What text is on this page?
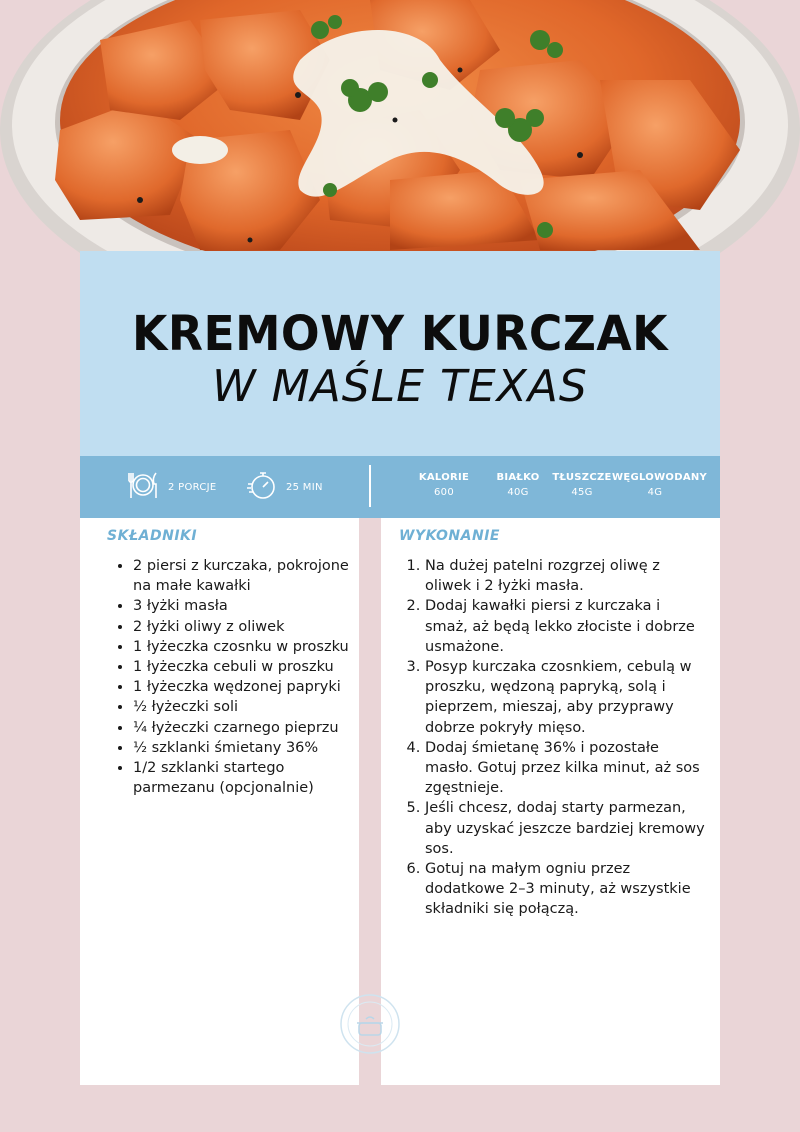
KREMOWY KURCZAK
W MAŚLE TEXAS
2 PORCJE	25 MIN
KALORIE
600
BIAŁKO
40G
TŁUSZCZE
45G
WĘGLOWODANY
4G
SKŁADNIKI
• 2 piersi z kurczaka, pokrojone na małe kawałki
• 3 łyżki masła
• 2 łyżki oliwy z oliwek
• 1 łyżeczka czosnku w proszku
• 1 łyżeczka cebuli w proszku
• 1 łyżeczka wędzonej papryki
• ½ łyżeczki soli
• ¼ łyżeczki czarnego pieprzu
• ½ szklanki śmietany 36%
• 1/2 szklanki startego parmezanu (opcjonalnie)
WYKONANIE
1. Na dużej patelni rozgrzej oliwę z oliwek i 2 łyżki masła.
2. Dodaj kawałki piersi z kurczaka i smaż, aż będą lekko złociste i dobrze usmażone.
3. Posyp kurczaka czosnkiem, cebulą w proszku, wędzoną papryką, solą i pieprzem, mieszaj, aby przyprawy dobrze pokryły mięso.
4. Dodaj śmietanę 36% i pozostałe masło. Gotuj przez kilka minut, aż sos zgęstnieje.
5. Jeśli chcesz, dodaj starty parmezan, aby uzyskać jeszcze bardziej kremowy sos.
6. Gotuj na małym ogniu przez dodatkowe 2–3 minuty, aż wszystkie składniki się połączą.
